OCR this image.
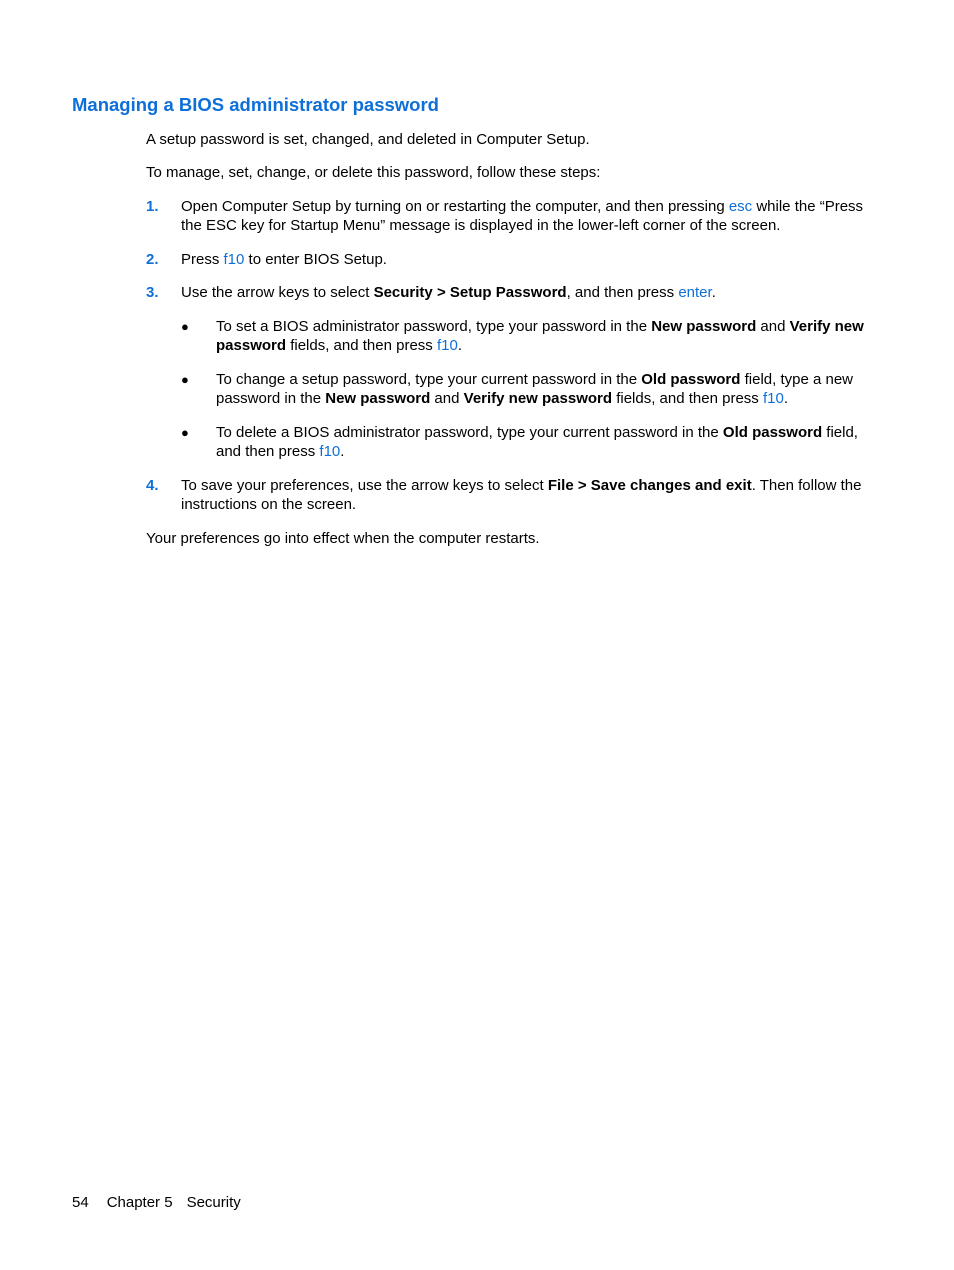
Managing a BIOS administrator password

A setup password is set, changed, and deleted in Computer Setup.

To manage, set, change, or delete this password, follow these steps:

1. Open Computer Setup by turning on or restarting the computer, and then pressing esc while the “Press the ESC key for Startup Menu” message is displayed in the lower-left corner of the screen.
2. Press f10 to enter BIOS Setup.
3. Use the arrow keys to select Security > Setup Password, and then press enter.
● To set a BIOS administrator password, type your password in the New password and Verify new password fields, and then press f10.
● To change a setup password, type your current password in the Old password field, type a new password in the New password and Verify new password fields, and then press f10.
● To delete a BIOS administrator password, type your current password in the Old password field, and then press f10.
4. To save your preferences, use the arrow keys to select File > Save changes and exit. Then follow the instructions on the screen.

Your preferences go into effect when the computer restarts.

54 Chapter 5 Security
